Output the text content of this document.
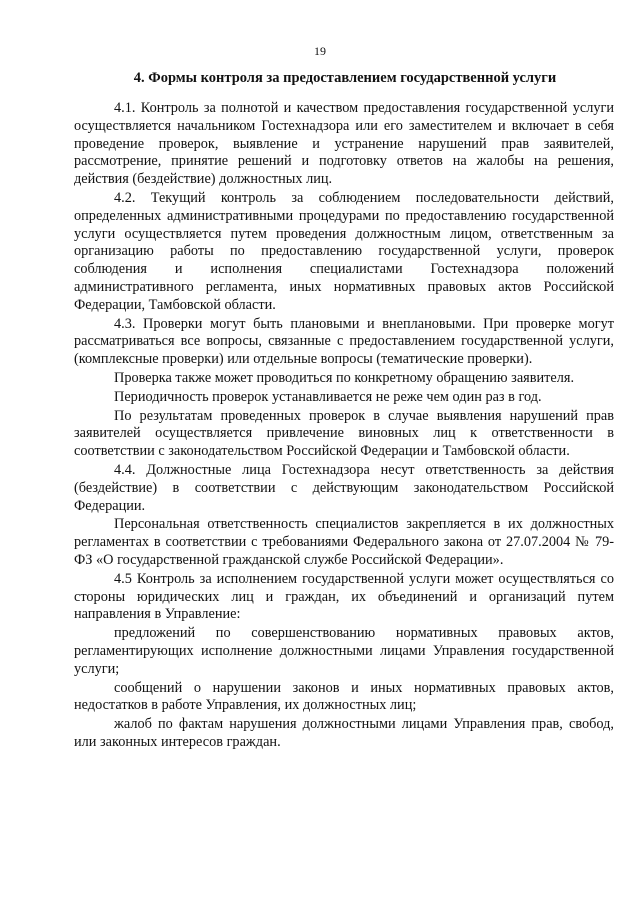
19
4. Формы контроля за предоставлением государственной услуги

4.1. Контроль за полнотой и качеством предоставления государственной услуги осуществляется начальником Гостехнадзора или его заместителем и включает в себя проведение проверок, выявление и устранение нарушений прав заявителей, рассмотрение, принятие решений и подготовку ответов на жалобы на решения, действия (бездействие) должностных лиц.

4.2. Текущий контроль за соблюдением последовательности действий, определенных административными процедурами по предоставлению государственной услуги осуществляется путем проведения должностным лицом, ответственным за организацию работы по предоставлению государственной услуги, проверок соблюдения и исполнения специалистами Гостехнадзора положений административного регламента, иных нормативных правовых актов Российской Федерации, Тамбовской области.

4.3. Проверки могут быть плановыми и внеплановыми. При проверке могут рассматриваться все вопросы, связанные с предоставлением государственной услуги, (комплексные проверки) или отдельные вопросы (тематические проверки).

Проверка также может проводиться по конкретному обращению заявителя.

Периодичность проверок устанавливается не реже чем один раз в год.

По результатам проведенных проверок в случае выявления нарушений прав заявителей осуществляется привлечение виновных лиц к ответственности в соответствии с законодательством Российской Федерации и Тамбовской области.

4.4. Должностные лица Гостехнадзора несут ответственность за действия (бездействие) в соответствии с действующим законодательством Российской Федерации.

Персональная ответственность специалистов закрепляется в их должностных регламентах в соответствии с требованиями Федерального закона от 27.07.2004 № 79-ФЗ «О государственной гражданской службе Российской Федерации».

4.5 Контроль за исполнением государственной услуги может осуществляться со стороны юридических лиц и граждан, их объединений и организаций путем направления в Управление:

предложений по совершенствованию нормативных правовых актов, регламентирующих исполнение должностными лицами Управления государственной услуги;

сообщений о нарушении законов и иных нормативных правовых актов, недостатков в работе Управления, их должностных лиц;

жалоб по фактам нарушения должностными лицами Управления прав, свобод, или законных интересов граждан.
